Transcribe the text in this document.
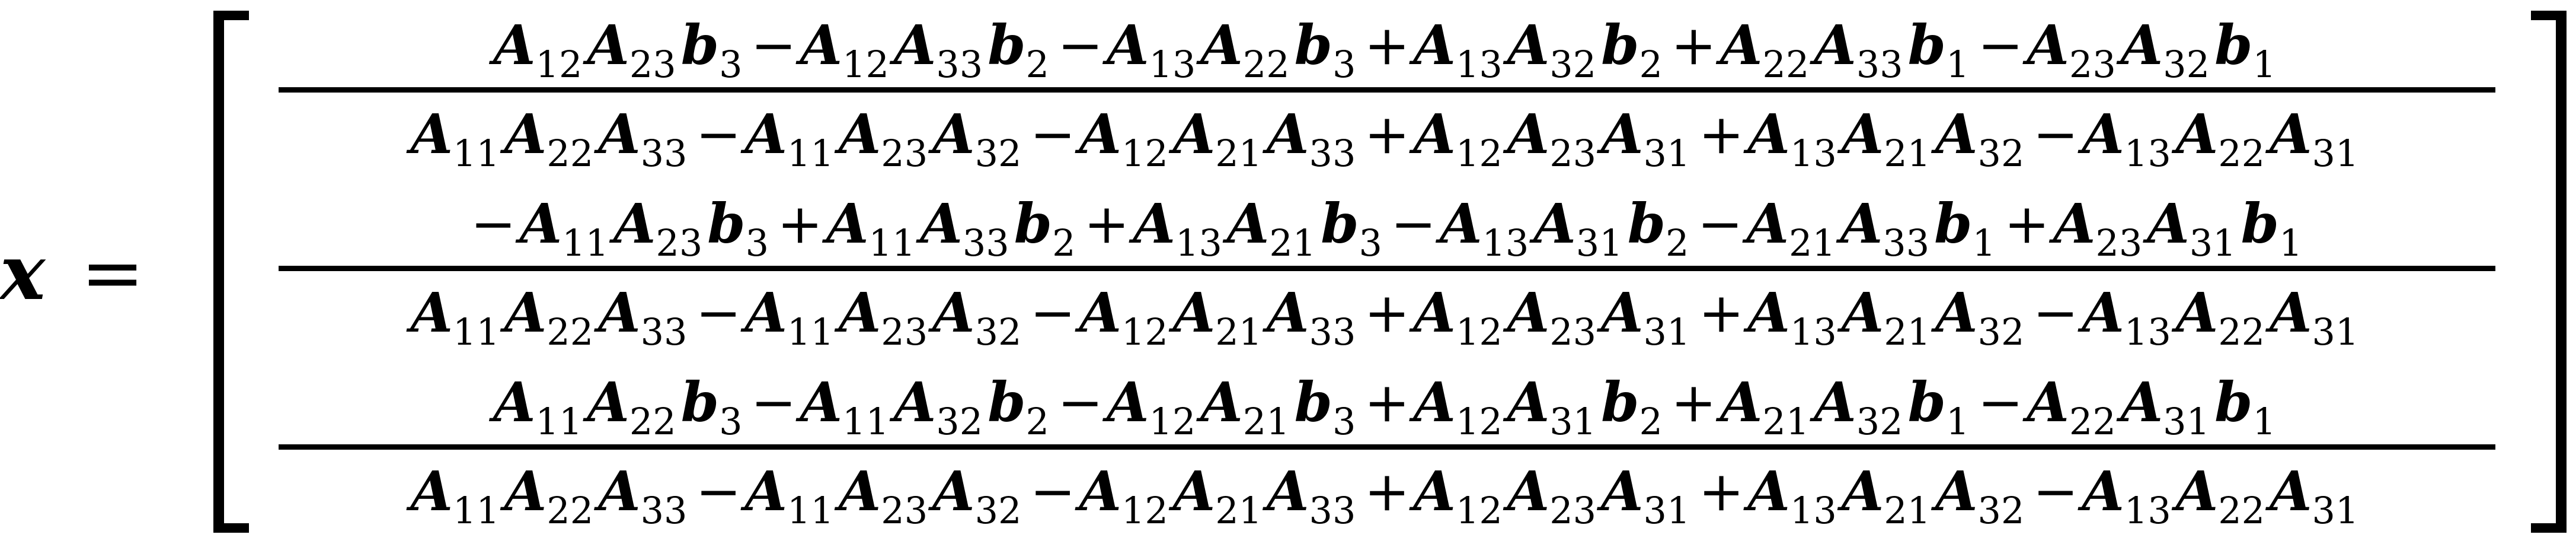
x =
A 12 A 23 b 3 − A 12 A 33 b 2 − A 13 A 22 b 3 + A 13 A 32 b 2 + A 22 A 33 b 1 − A 23 A 32 b 1
A 11 A 22 A 33 − A 11 A 23 A 32 − A 12 A 21 A 33 + A 12 A 23 A 31 + A 13 A 21 A 32 − A 13 A 22 A 31
− A 11 A 23 b 3 + A 11 A 33 b 2 + A 13 A 21 b 3 − A 13 A 31 b 2 − A 21 A 33 b 1 + A 23 A 31 b 1
A 11 A 22 A 33 − A 11 A 23 A 32 − A 12 A 21 A 33 + A 12 A 23 A 31 + A 13 A 21 A 32 − A 13 A 22 A 31
A 11 A 22 b 3 − A 11 A 32 b 2 − A 12 A 21 b 3 + A 12 A 31 b 2 + A 21 A 32 b 1 − A 22 A 31 b 1
A 11 A 22 A 33 − A 11 A 23 A 32 − A 12 A 21 A 33 + A 12 A 23 A 31 + A 13 A 21 A 32 − A 13 A 22 A 31
